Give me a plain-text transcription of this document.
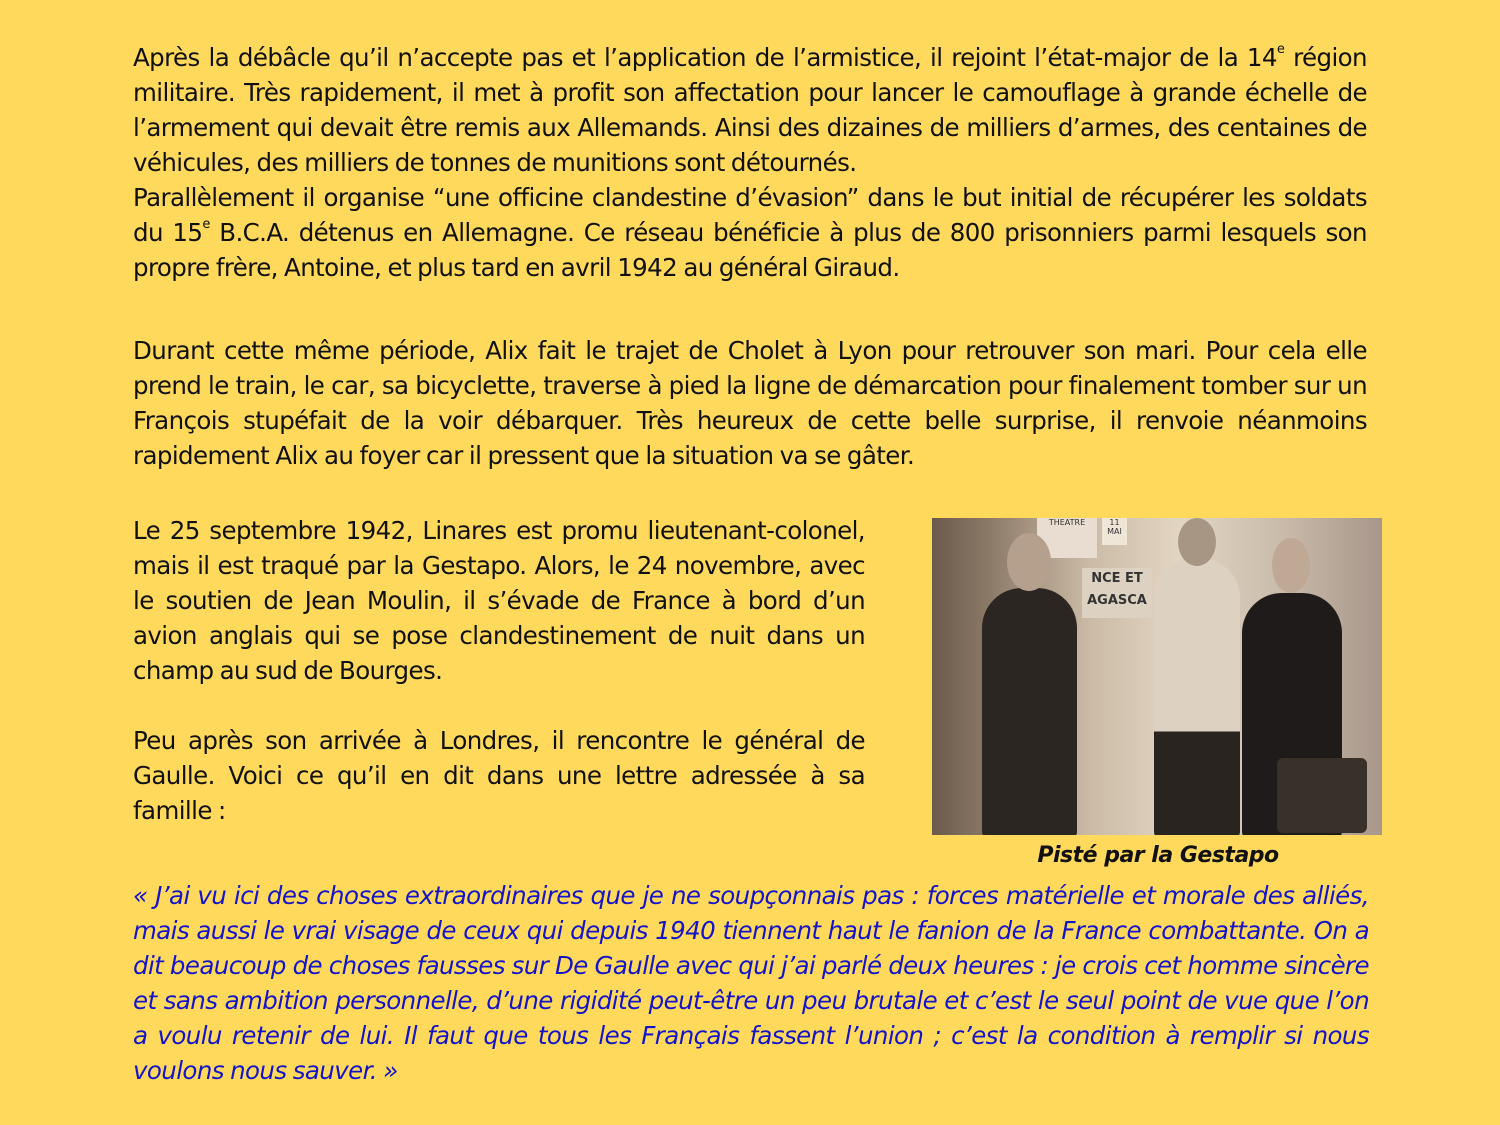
Après la débâcle qu’il n’accepte pas et l’application de l’armistice, il rejoint l’état-major de la 14e région militaire. Très rapidement, il met à profit son affectation pour lancer le camouflage à grande échelle de l’armement qui devait être remis aux Allemands. Ainsi des dizaines de milliers d’armes, des centaines de véhicules, des milliers de tonnes de munitions sont détournés.

Parallèlement il organise “une officine clandestine d’évasion” dans le but initial de récupérer les soldats du 15e B.C.A. détenus en Allemagne. Ce réseau bénéficie à plus de 800 prisonniers parmi lesquels son propre frère, Antoine, et plus tard en avril 1942 au général Giraud.

Durant cette même période, Alix fait le trajet de Cholet à Lyon pour retrouver son mari. Pour cela elle prend le train, le car, sa bicyclette, traverse à pied la ligne de démarcation pour finalement tomber sur un François stupéfait de la voir débarquer. Très heureux de cette belle surprise, il renvoie néanmoins rapidement Alix au foyer car il pressent que la situation va se gâter.

Le 25 septembre 1942, Linares est promu lieutenant-colonel, mais il est traqué par la Gestapo. Alors, le 24 novembre, avec le soutien de Jean Moulin, il s’évade de France à bord d’un avion anglais qui se pose clandestinement de nuit dans un champ au sud de Bourges.

Peu après son arrivée à Londres, il rencontre le général de Gaulle. Voici ce qu’il en dit dans une lettre adressée à sa famille :

THEATRE	11 MAI
NCE ET
AGASCA
Pisté par la Gestapo

« J’ai vu ici des choses extraordinaires que je ne soupçonnais pas : forces matérielle et morale des alliés, mais aussi le vrai visage de ceux qui depuis 1940 tiennent haut le fanion de la France combattante. On a dit beaucoup de choses fausses sur De Gaulle avec qui j’ai parlé deux heures : je crois cet homme sincère et sans ambition personnelle, d’une rigidité peut-être un peu brutale et c’est le seul point de vue que l’on a voulu retenir de lui. Il faut que tous les Français fassent l’union ; c’est la condition à remplir si nous voulons nous sauver. »
